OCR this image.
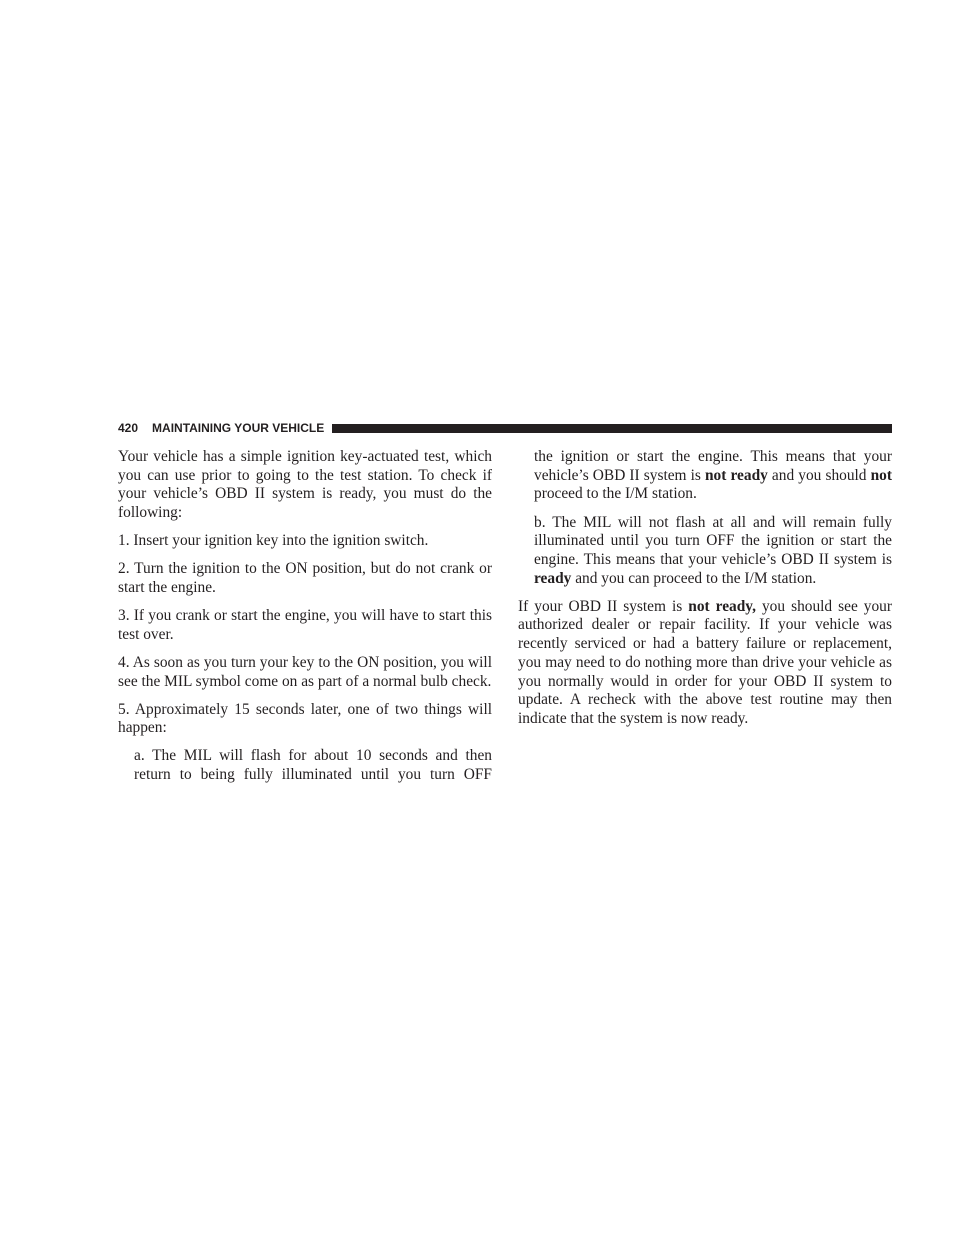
420 MAINTAINING YOUR VEHICLE

Your vehicle has a simple ignition key-actuated test, which you can use prior to going to the test station. To check if your vehicle’s OBD II system is ready, you must do the following:

1. Insert your ignition key into the ignition switch.

2. Turn the ignition to the ON position, but do not crank or start the engine.

3. If you crank or start the engine, you will have to start this test over.

4. As soon as you turn your key to the ON position, you will see the MIL symbol come on as part of a normal bulb check.

5. Approximately 15 seconds later, one of two things will happen:

a. The MIL will flash for about 10 seconds and then return to being fully illuminated until you turn OFF

the ignition or start the engine. This means that your vehicle’s OBD II system is not ready and you should not proceed to the I/M station.

b. The MIL will not flash at all and will remain fully illuminated until you turn OFF the ignition or start the engine. This means that your vehicle’s OBD II system is ready and you can proceed to the I/M station.

If your OBD II system is not ready, you should see your authorized dealer or repair facility. If your vehicle was recently serviced or had a battery failure or replacement, you may need to do nothing more than drive your vehicle as you normally would in order for your OBD II system to update. A recheck with the above test routine may then indicate that the system is now ready.
